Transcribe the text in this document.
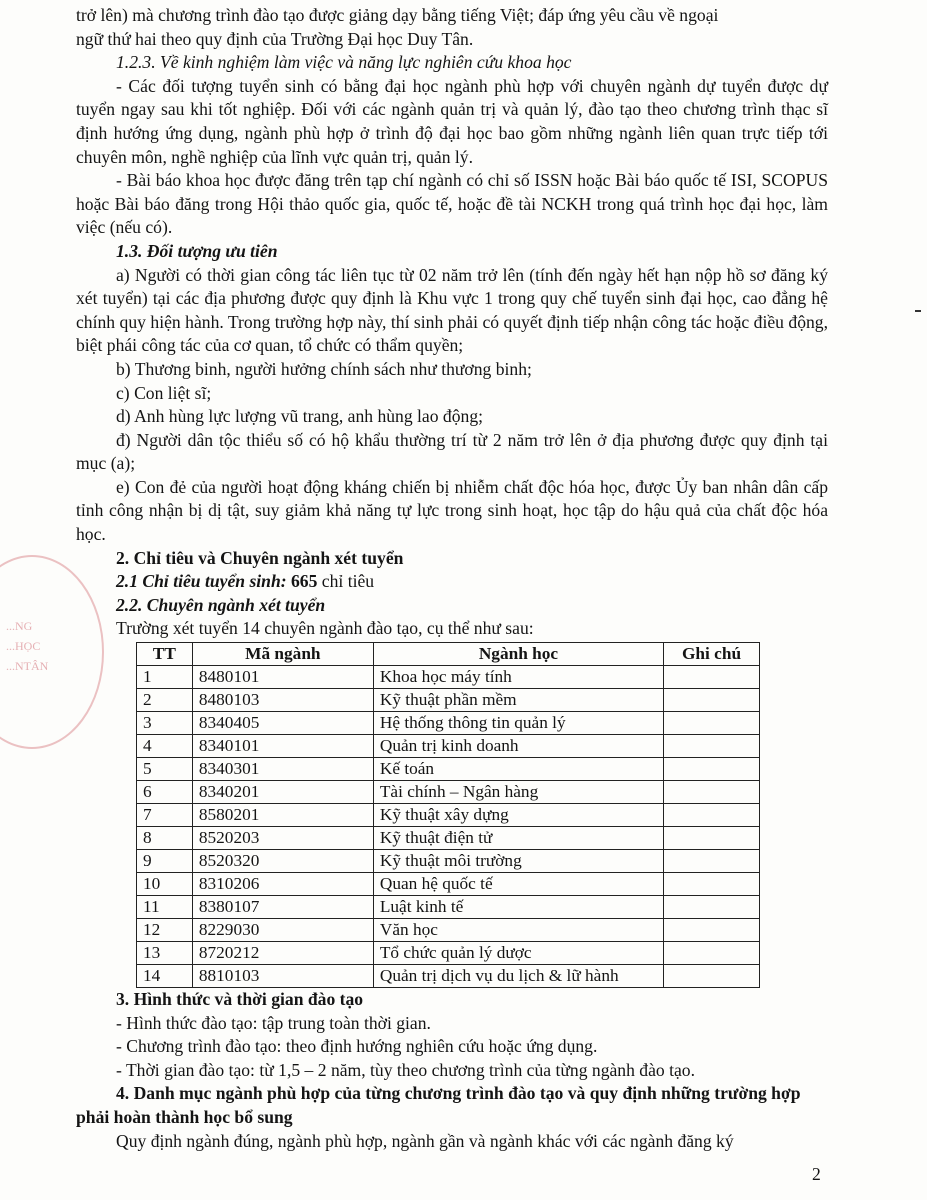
...NG
...HỌC
...NTÂN

trở lên) mà chương trình đào tạo được giảng dạy bằng tiếng Việt; đáp ứng yêu cầu về ngoại

ngữ thứ hai theo quy định của Trường Đại học Duy Tân.

1.2.3. Về kinh nghiệm làm việc và năng lực nghiên cứu khoa học

- Các đối tượng tuyển sinh có bằng đại học ngành phù hợp với chuyên ngành dự tuyển được dự tuyển ngay sau khi tốt nghiệp. Đối với các ngành quản trị và quản lý, đào tạo theo chương trình thạc sĩ định hướng ứng dụng, ngành phù hợp ở trình độ đại học bao gồm những ngành liên quan trực tiếp tới chuyên môn, nghề nghiệp của lĩnh vực quản trị, quản lý.

- Bài báo khoa học được đăng trên tạp chí ngành có chỉ số ISSN hoặc Bài báo quốc tế ISI, SCOPUS hoặc Bài báo đăng trong Hội thảo quốc gia, quốc tế, hoặc đề tài NCKH trong quá trình học đại học, làm việc (nếu có).

1.3. Đối tượng ưu tiên

a) Người có thời gian công tác liên tục từ 02 năm trở lên (tính đến ngày hết hạn nộp hồ sơ đăng ký xét tuyển) tại các địa phương được quy định là Khu vực 1 trong quy chế tuyển sinh đại học, cao đẳng hệ chính quy hiện hành. Trong trường hợp này, thí sinh phải có quyết định tiếp nhận công tác hoặc điều động, biệt phái công tác của cơ quan, tổ chức có thẩm quyền;

b) Thương binh, người hưởng chính sách như thương binh;

c) Con liệt sĩ;

d) Anh hùng lực lượng vũ trang, anh hùng lao động;

đ) Người dân tộc thiểu số có hộ khẩu thường trí từ 2 năm trở lên ở địa phương được quy định tại mục (a);

e) Con đẻ của người hoạt động kháng chiến bị nhiễm chất độc hóa học, được Ủy ban nhân dân cấp tỉnh công nhận bị dị tật, suy giảm khả năng tự lực trong sinh hoạt, học tập do hậu quả của chất độc hóa học.

2. Chỉ tiêu và Chuyên ngành xét tuyển

2.1 Chỉ tiêu tuyển sinh: 665 chỉ tiêu

2.2. Chuyên ngành xét tuyển

Trường xét tuyển 14 chuyên ngành đào tạo, cụ thể như sau:

TT	Mã ngành	Ngành học	Ghi chú
1	8480101	Khoa học máy tính	
2	8480103	Kỹ thuật phần mềm	
3	8340405	Hệ thống thông tin quản lý	
4	8340101	Quản trị kinh doanh	
5	8340301	Kế toán	
6	8340201	Tài chính – Ngân hàng	
7	8580201	Kỹ thuật xây dựng	
8	8520203	Kỹ thuật điện tử	
9	8520320	Kỹ thuật môi trường	
10	8310206	Quan hệ quốc tế	
11	8380107	Luật kinh tế	
12	8229030	Văn học	
13	8720212	Tổ chức quản lý dược	
14	8810103	Quản trị dịch vụ du lịch & lữ hành	

3. Hình thức và thời gian đào tạo

- Hình thức đào tạo: tập trung toàn thời gian.

- Chương trình đào tạo: theo định hướng nghiên cứu hoặc ứng dụng.

- Thời gian đào tạo: từ 1,5 – 2 năm, tùy theo chương trình của từng ngành đào tạo.

4. Danh mục ngành phù hợp của từng chương trình đào tạo và quy định những trường hợp phải hoàn thành học bổ sung

Quy định ngành đúng, ngành phù hợp, ngành gần và ngành khác với các ngành đăng ký

2
